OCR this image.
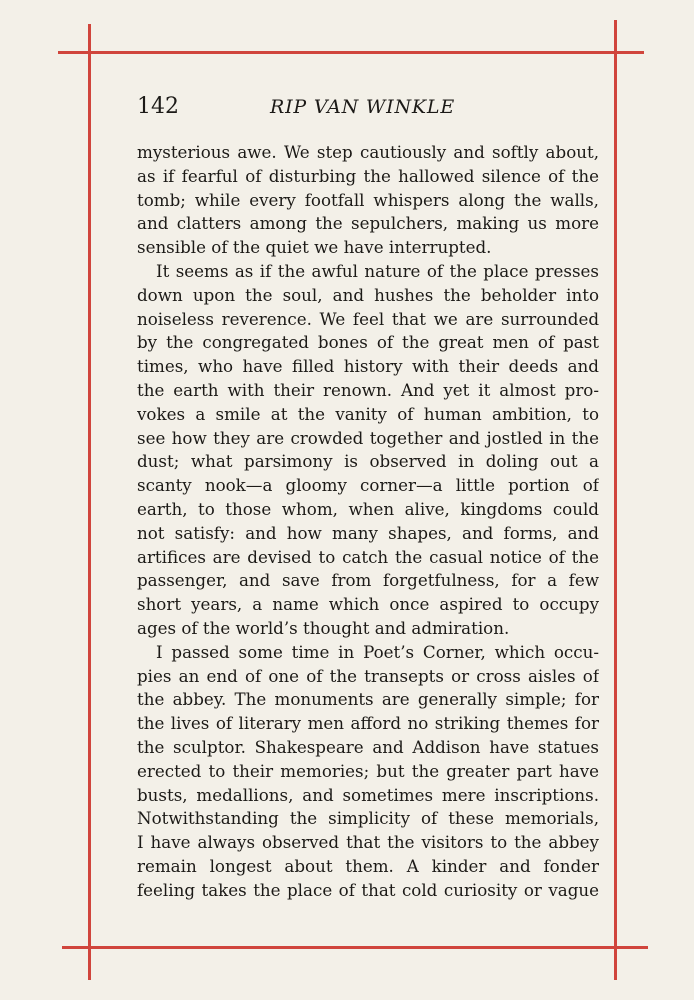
142	RIP VAN WINKLE
mysterious awe. We step cautiously and softly about,
as if fearful of disturbing the hallowed silence of the
tomb; while every footfall whispers along the walls,
and clatters among the sepulchers, making us more
sensible of the quiet we have interrupted.
It seems as if the awful nature of the place presses
down upon the soul, and hushes the beholder into
noiseless reverence. We feel that we are surrounded
by the congregated bones of the great men of past
times, who have filled history with their deeds and
the earth with their renown. And yet it almost pro-
vokes a smile at the vanity of human ambition, to
see how they are crowded together and jostled in the
dust; what parsimony is observed in doling out a
scanty nook—a gloomy corner—a little portion of
earth, to those whom, when alive, kingdoms could
not satisfy: and how many shapes, and forms, and
artifices are devised to catch the casual notice of the
passenger, and save from forgetfulness, for a few
short years, a name which once aspired to occupy
ages of the world’s thought and admiration.
I passed some time in Poet’s Corner, which occu-
pies an end of one of the transepts or cross aisles of
the abbey. The monuments are generally simple; for
the lives of literary men afford no striking themes for
the sculptor. Shakespeare and Addison have statues
erected to their memories; but the greater part have
busts, medallions, and sometimes mere inscriptions.
Notwithstanding the simplicity of these memorials,
I have always observed that the visitors to the abbey
remain longest about them. A kinder and fonder
feeling takes the place of that cold curiosity or vague
